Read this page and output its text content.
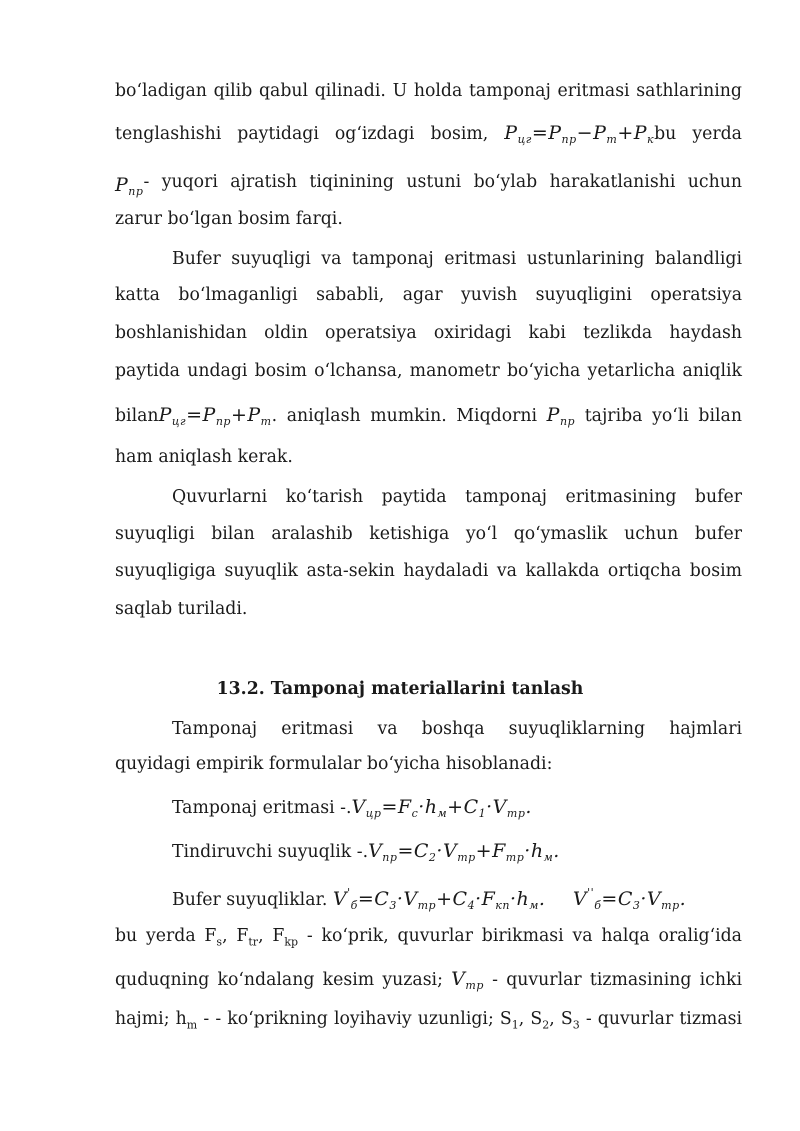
bo‘ladigan qilib qabul qilinadi. U holda tamponaj eritmasi sathlarining
tenglashishi paytidagi og‘izdagi bosim, $P_{цг}=P_{пр}-P_т+P_кbu$ yerda
$P_{пр}-$ yuqori ajratish tiqinining ustuni bo‘ylab harakatlanishi uchun
zarur bo‘lgan bosim farqi.
Bufer suyuqligi va tamponaj eritmasi ustunlarining balandligi
katta bo‘lmaganligi sababli, agar yuvish suyuqligini operatsiya
boshlanishidan oldin operatsiya oxiridagi kabi tezlikda haydash
paytida undagi bosim o‘lchansa, manometr bo‘yicha yetarlicha aniqlik
$bilanP_{цг}=P_{пр}+P_т$. aniqlash mumkin. Miqdorni $P_{пр}$ tajriba yo‘li bilan
ham aniqlash kerak.
Quvurlarni ko‘tarish paytida tamponaj eritmasining bufer
suyuqligi bilan aralashib ketishiga yo‘l qo‘ymaslik uchun bufer
suyuqligiga suyuqlik asta-sekin haydaladi va kallakda ortiqcha bosim
saqlab turiladi.
13.2. Tamponaj materiallarini tanlash
Tamponaj eritmasi va boshqa suyuqliklarning hajmlari
quyidagi empirik formulalar bo‘yicha hisoblanadi:
Tamponaj eritmasi $-.V_{цр}=F_с\cdot h_м+C_1\cdot V_{тр}$.
Tindiruvchi suyuqlik $-.V_{пр}=C_2\cdot V_{тр}+F_{тр}\cdot h_м$.
Bufer suyuqliklar. $V'_б=C_3\cdot V_{тр}+C_4\cdot F_{кп}\cdot h_м$. $V''_б=C_3\cdot V_{тр}$.
bu yerda $F_s$, $F_{tr}$, $F_{kp}$ - ko‘prik, quvurlar birikmasi va halqa oralig‘ida
quduqning ko‘ndalang kesim yuzasi; $V_{тр}$ - quvurlar tizmasining ichki
hajmi; $h_m$ - - ko‘prikning loyihaviy uzunligi; $S_1$, $S_2$, $S_3$ - quvurlar tizmasi
